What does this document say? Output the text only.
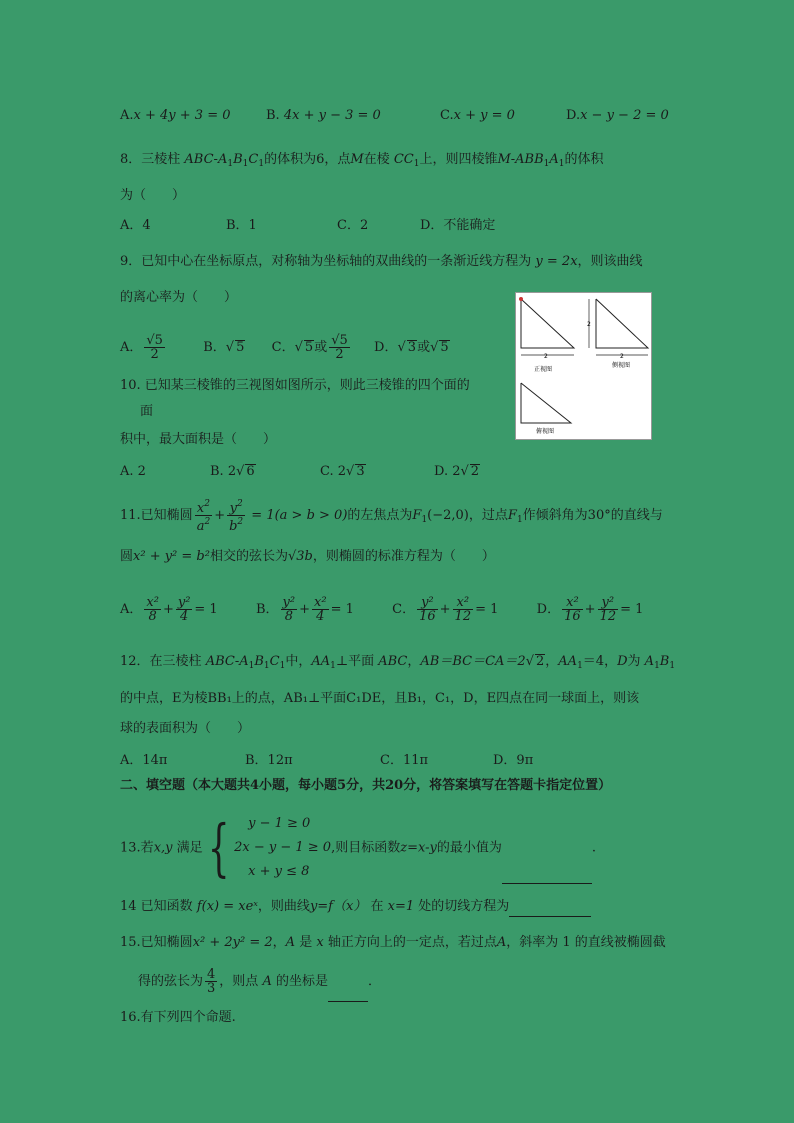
A.x + 4y + 3 = 0	B. 4x + y − 3 = 0	C.x + y = 0	D.x − y − 2 = 0
8．三棱柱 ABC-$A_1B_1C_1$的体积为6，点M在棱 $CC_1$上，则四棱锥$M-ABB_1A_1$的体积
为（　　）
A．4	B．1	C．2	D．不能确定
9．已知中心在坐标原点，对称轴为坐标轴的双曲线的一条渐近线方程为 y = 2x，则该曲线
的离心率为（　　）
A． $\frac{√5}{2}$	B．√ 5 C．√ 5或 $\frac{√5}{2}$ D．√ 3或√ 5
2
正视图
2
2
侧视图
俯视图
10. 已知某三棱锥的三视图如图所示，则此三棱锥的四个面的
面
积中，最大面积是（　　）
A. 2	B. 2√ 6	C. 2√ 3	D. 2√ 2
11.已知椭圆 $\frac{x^2}{a^2} + \frac{y^2}{b^2} = 1(a > b > 0)$的左焦点为$F_1(-2,0)$，过点$F_1$作倾斜角为30°的直线与
圆x² + y² = b²相交的弦长为√3b，则椭圆的标准方程为（　　）
A． $\frac{\text{x²}}{8} + \frac{\text{y²}}{4} = 1$	B． $\frac{\text{y²}}{8} + \frac{\text{x²}}{4} = 1$	C． $\frac{\text{y²}}{16} + \frac{\text{x²}}{12} = 1$	D． $\frac{\text{x²}}{16} + \frac{\text{y²}}{12} = 1$
12．在三棱柱 ABC-$A_1B_1C_1$中，$AA_1\perp$平面 ABC，AB＝BC＝CA＝2√ 2，$AA_1=4$，D为 $A_1B_1$
的中点，E为棱BB₁上的点，AB₁⊥平面C₁DE，且B₁，C₁，D，E四点在同一球面上，则该
球的表面积为（　　）
A．14π	B．12π	C．11π	D．9π
二、填空题（本大题共4小题，每小题5分，共20分，将答案填写在答题卡指定位置）
13.若x,y 满足{	y − 1 ≥ 0
2x − y − 1 ≥ 0
x + y ≤ 8
,则目标函数z=x-y的最小值为	.
14 已知函数 f(x) = xeˣ，则曲线y=f（x） 在 x=1 处的切线方程为
15.已知椭圆x² + 2y² = 2，A 是 x 轴正方向上的一定点，若过点A，斜率为 1 的直线被椭圆截
得的弦长为 $\frac{4}{3}$ ，则点 A 的坐标是	．
16.有下列四个命题.
